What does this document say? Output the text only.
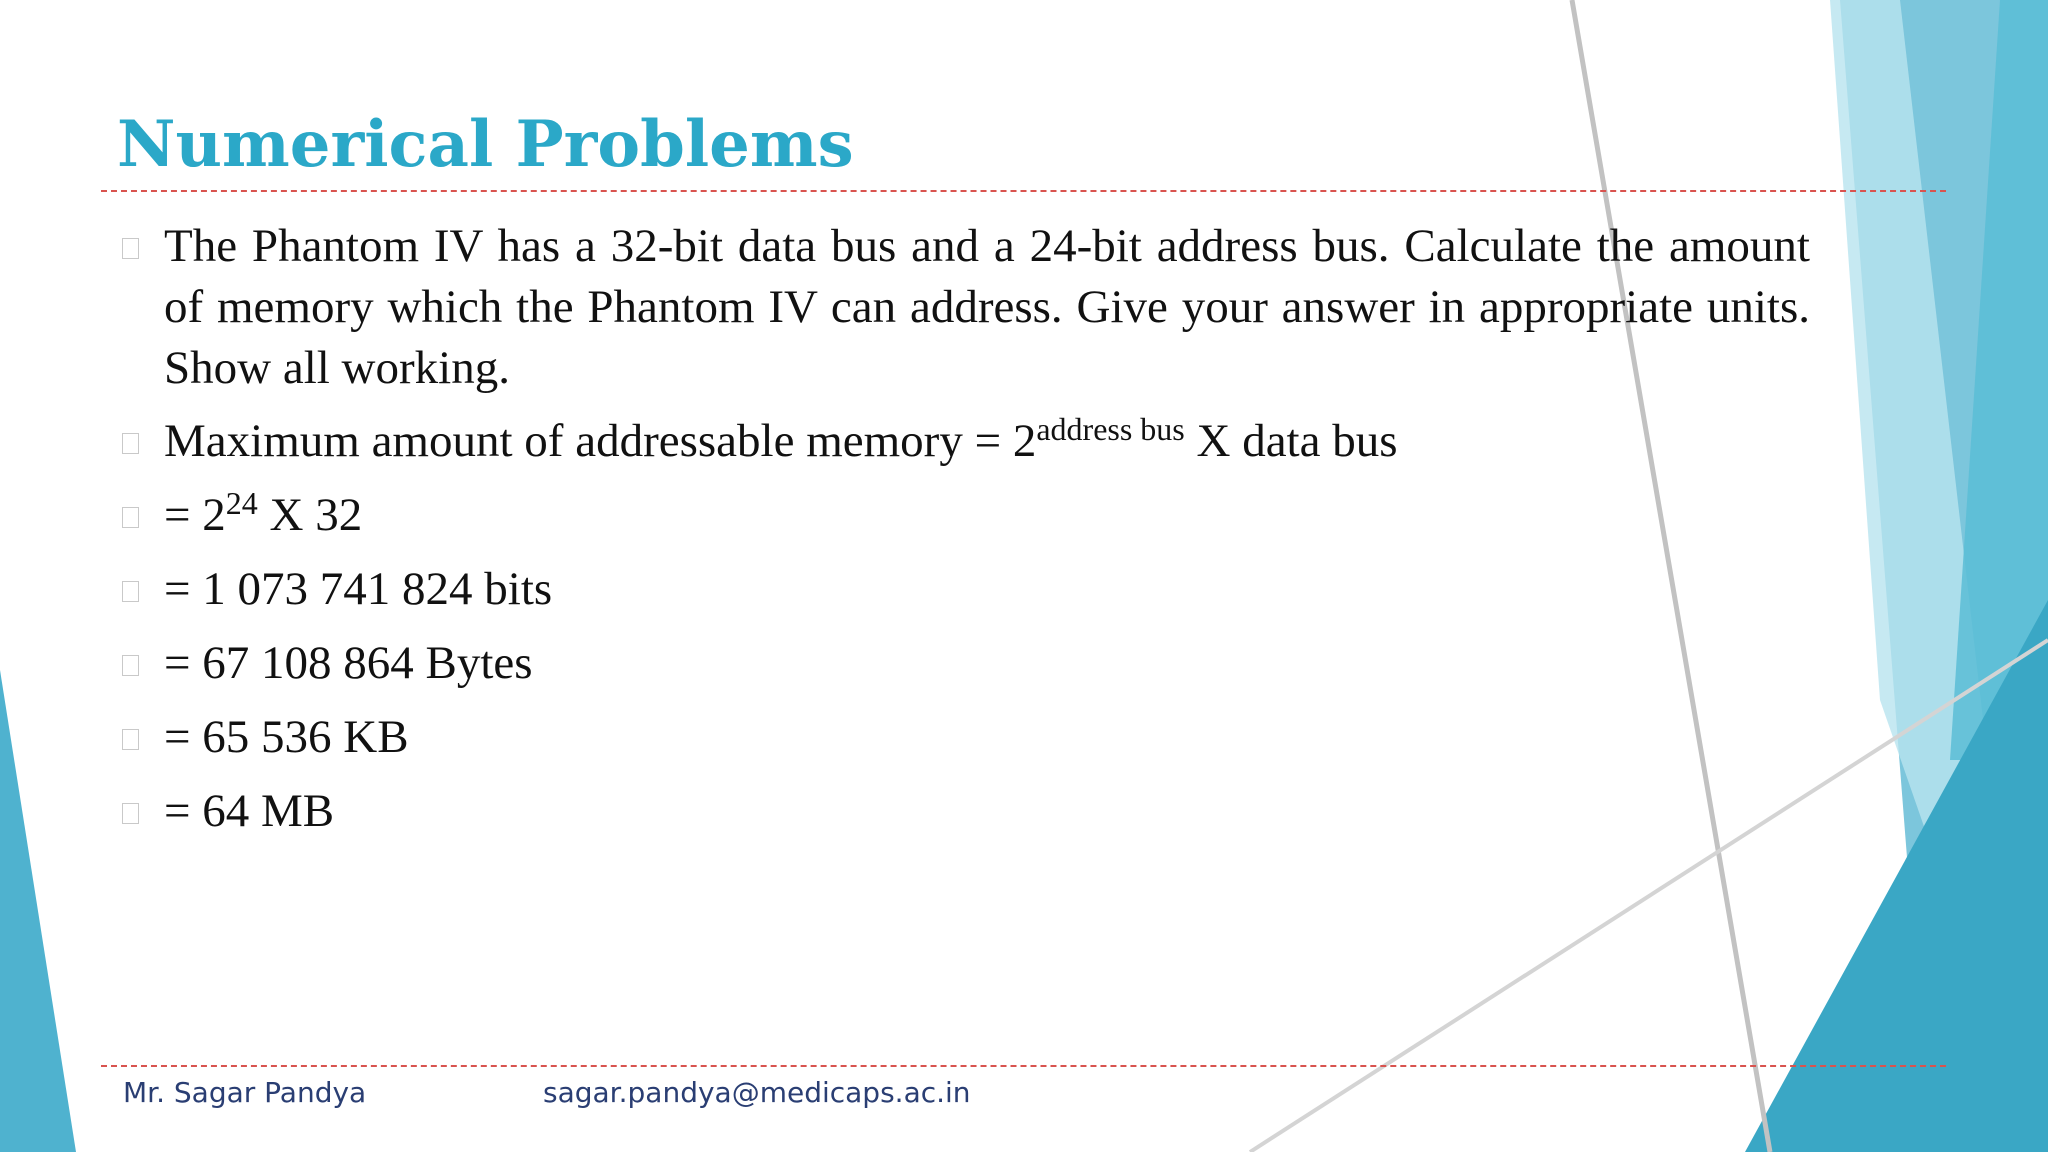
Numerical Problems
The Phantom IV has a 32-bit data bus and a 24-bit address bus. Calculate the amount of memory which the Phantom IV can address. Give your answer in appropriate units. Show all working.
Maximum amount of addressable memory = $2^{address bus}$ X data bus
= $2^{24}$ X 32
= 1 073 741 824 bits
= 67 108 864 Bytes
= 65 536 KB
= 64 MB
Mr. Sagar Pandya	sagar.pandya@medicaps.ac.in
